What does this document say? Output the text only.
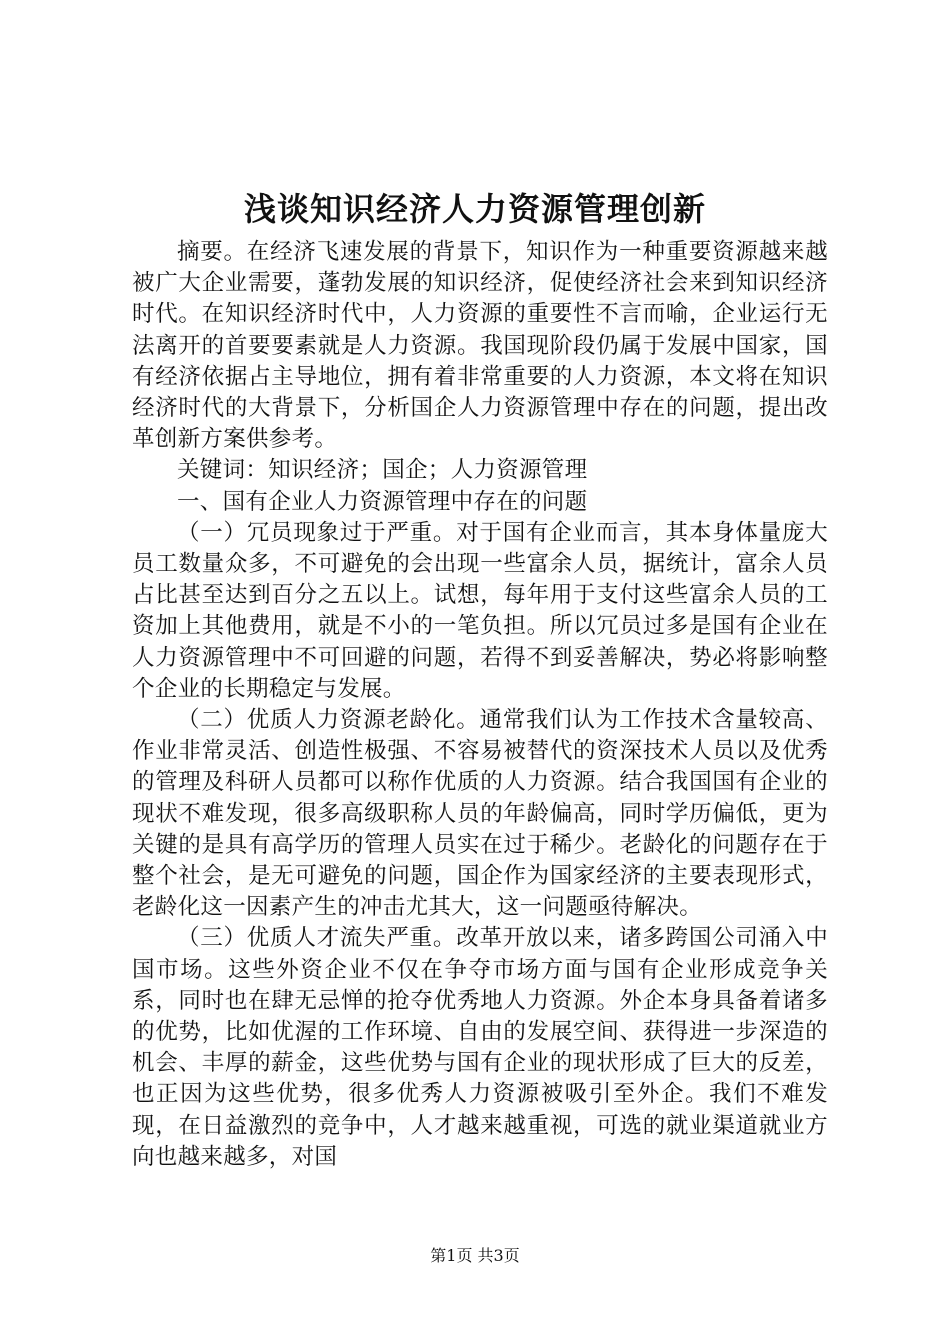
浅谈知识经济人力资源管理创新

摘要。在经济飞速发展的背景下，知识作为一种重要资源越来越被广大企业需要，蓬勃发展的知识经济，促使经济社会来到知识经济时代。在知识经济时代中，人力资源的重要性不言而喻，企业运行无法离开的首要要素就是人力资源。我国现阶段仍属于发展中国家，国有经济依据占主导地位，拥有着非常重要的人力资源，本文将在知识经济时代的大背景下，分析国企人力资源管理中存在的问题，提出改革创新方案供参考。

关键词：知识经济；国企；人力资源管理

一、国有企业人力资源管理中存在的问题

（一）冗员现象过于严重。对于国有企业而言，其本身体量庞大员工数量众多，不可避免的会出现一些富余人员，据统计，富余人员占比甚至达到百分之五以上。试想，每年用于支付这些富余人员的工资加上其他费用，就是不小的一笔负担。所以冗员过多是国有企业在人力资源管理中不可回避的问题，若得不到妥善解决，势必将影响整个企业的长期稳定与发展。

（二）优质人力资源老龄化。通常我们认为工作技术含量较高、作业非常灵活、创造性极强、不容易被替代的资深技术人员以及优秀的管理及科研人员都可以称作优质的人力资源。结合我国国有企业的现状不难发现，很多高级职称人员的年龄偏高，同时学历偏低，更为关键的是具有高学历的管理人员实在过于稀少。老龄化的问题存在于整个社会，是无可避免的问题，国企作为国家经济的主要表现形式，老龄化这一因素产生的冲击尤其大，这一问题亟待解决。

（三）优质人才流失严重。改革开放以来，诸多跨国公司涌入中国市场。这些外资企业不仅在争夺市场方面与国有企业形成竞争关系，同时也在肆无忌惮的抢夺优秀地人力资源。外企本身具备着诸多的优势，比如优渥的工作环境、自由的发展空间、获得进一步深造的机会、丰厚的薪金，这些优势与国有企业的现状形成了巨大的反差，也正因为这些优势，很多优秀人力资源被吸引至外企。我们不难发现，在日益激烈的竞争中，人才越来越重视，可选的就业渠道就业方向也越来越多，对国

第1页 共3页
